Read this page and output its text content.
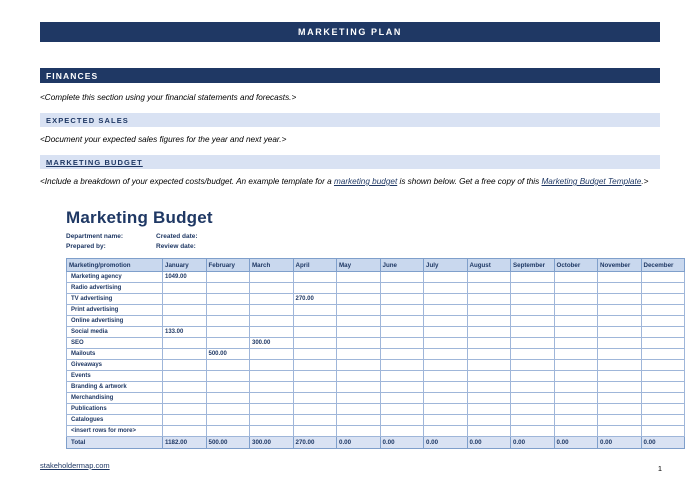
MARKETING PLAN
FINANCES
<Complete this section using your financial statements and forecasts.>
EXPECTED SALES
<Document your expected sales figures for the year and next year.>
MARKETING BUDGET
<Include a breakdown of your expected costs/budget. An example template for a marketing budget is shown below. Get a free copy of this Marketing Budget Template.>
Marketing Budget
Department name:
Prepared by:
Created date:
Review date:
Marketing/promotion	January	February	March	April	May	June	July	August	September	October	November	December
Marketing agency	1049.00											
Radio advertising												
TV advertising				270.00								
Print advertising												
Online advertising												
Social media	133.00											
SEO			300.00									
Mailouts		500.00										
Giveaways												
Events												
Branding & artwork												
Merchandising												
Publications												
Catalogues												
<insert rows for more>												
Total	1182.00	500.00	300.00	270.00	0.00	0.00	0.00	0.00	0.00	0.00	0.00	0.00
stakeholdermap.com	1
